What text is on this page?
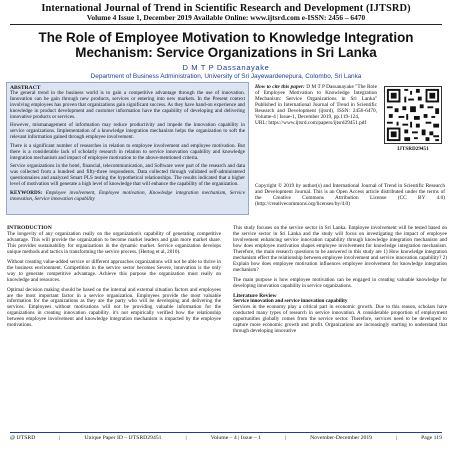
International Journal of Trend in Scientific Research and Development (IJTSRD)
Volume 4 Issue 1, December 2019 Available Online: www.ijtsrd.com e-ISSN: 2456 – 6470
The Role of Employee Motivation to Knowledge Integration Mechanism: Service Organizations in Sri Lanka
D M T P Dassanayake
Department of Business Administration, University of Sri Jayewardenepura, Colombo, Sri Lanka
ABSTRACT

The general trend in the business world is to gain a competitive advantage through the use of innovation. Innovation can be gain through new products, services or entering into new markets. In the Present context involving employees has proven that organizations gain significant success. As they have hand-on experience and knowledge in product development and customer information have the capability of developing and delivering innovative products or services.

However, mismanagement of information may reduce productivity and impede the innovation capability in service organizations. Implementation of a knowledge integration mechanism helps the organization to soft the relevant information gained through employee involvement.

There is a significant number of researches in relation to employee involvement and employee motivation. But there is a considerable lack of scholarly research in relation to service innovation capability and knowledge integration mechanism and impact of employee motivation to the above-mentioned criteria.

Service organizations in the hotel, financial, telecommunication, and Software were part of the research and data was collected from a hundred and fifty-three respondents. Data collected through validated self-administered questionnaires and analyzed Smart PLS testing the hypothetical relationships. The results indicated that a higher level of motivation will generate a high level of knowledge that will enhance the capability of the organization.

KEYWORDS: Employee involvement, Employee motivation, Knowledge integration mechanism, Service innovation, Service innovation capability
How to cite this paper: D M T P Dassanayake "The Role of Employee Motivation to Knowledge Integration Mechanism: Service Organizations in Sri Lanka" Published in International Journal of Trend in Scientific Research and Development (ijtsrd), ISSN: 2456-6470, Volume-4 | Issue-1, December 2019, pp.119-124,
IJTSRD29451
URL: https://www.ijtsrd.com/papers/ijtsrd29451.pdf
Copyright © 2019 by author(s) and International Journal of Trend in Scientific Research and Development Journal. This is an Open Access article distributed under the terms of the Creative Commons Attribution License (CC BY 4.0) (http://creativecommons.org/licenses/by/4.0)

INTRODUCTION

The longevity of any organization really on the organization's capability of generating competitive advantage. This will provide the organization to become market leaders and gain more market share. This provides sustainability for organizations in the dynamic market. Service organization develops unique methods and tactics in transforming the service process. (Hertog et al, 2010).

Without creating value-added service or different approaches organizations will not be able to thrive in the business environment. Competition in the service sector becomes Severe, innovation is the only way to generate competitive advantage. Achieve this purpose the organization must really on knowledge and resources.

Optimal decision making should be based on the internal and external situation factors and employees are the most important factor in a service organization. Employees provide the most valuable information for the organizations as they are the party who will be developing and delivering the services. Employees without motivations will not be providing valuable information for the organizations in creating innovation capability. it's not empirically verified how the relationship between employee involvement and knowledge integration mechanism is impacted by the employee motivations.

This study focuses on the service sector in Sri Lanka. Employee involvement will be tested based on the service sector in Sri Lanka and the study will focus on investigating the impact of employee involvement enhancing service innovation capability through knowledge integration mechanism and how does employee motivation shapes employee involvement for knowledge integration mechanism. Therefore, the main research questions to be answered in this study are 1) How knowledge integration mechanism effect the relationship between employee involvement and service innovation capability? 2) Explain how does employee motivation influences employee involvement for knowledge integration mechanism?

The main purpose is how employee motivation can be engaged in creating valuable knowledge for developing innovation capability in service organizations.

Literature Review

Service innovation and service innovation capability

Services in the economy play a critical part in economic growth. Due to this reason, scholars have conducted many types of research in service innovation. A considerable proportion of employment opportunities globally comes from the service sector. Therefore, services need to be developed to capture more economic growth and profit. Organizations are increasingly starting to understand that through developing innovative

@ IJTSRD	|	Unique Paper ID – IJTSRD29451	|	Volume – 4 | Issue – 1	|	November-December 2019	|	Page 119
